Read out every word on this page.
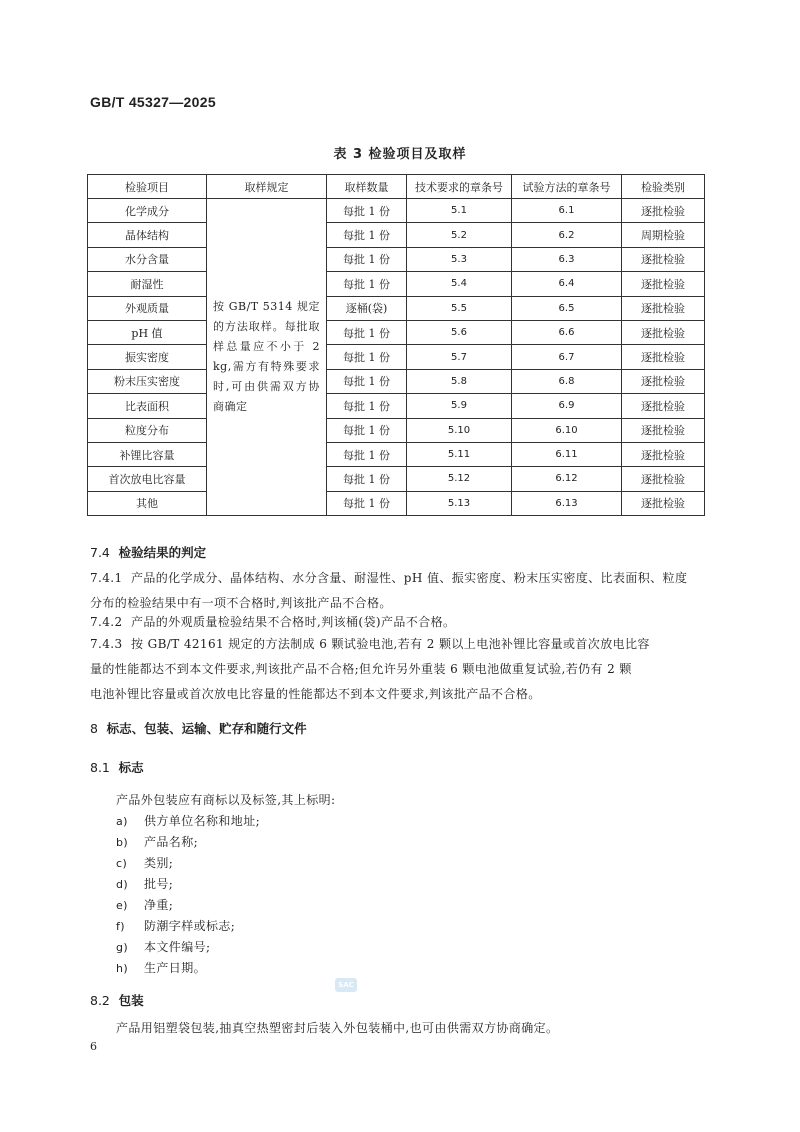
GB/T 45327—2025
表 3 检验项目及取样
检验项目	取样规定	取样数量	技术要求的章条号	试验方法的章条号	检验类别
化学成分	按 GB/T 5314 规定的方法取样。每批取样总量应不小于 2 kg,需方有特殊要求时,可由供需双方协商确定	每批 1 份	5.1	6.1	逐批检验
晶体结构		每批 1 份	5.2	6.2	周期检验
水分含量		每批 1 份	5.3	6.3	逐批检验
耐湿性		每批 1 份	5.4	6.4	逐批检验
外观质量		逐桶(袋)	5.5	6.5	逐批检验
pH 值		每批 1 份	5.6	6.6	逐批检验
振实密度		每批 1 份	5.7	6.7	逐批检验
粉末压实密度		每批 1 份	5.8	6.8	逐批检验
比表面积		每批 1 份	5.9	6.9	逐批检验
粒度分布		每批 1 份	5.10	6.10	逐批检验
补锂比容量		每批 1 份	5.11	6.11	逐批检验
首次放电比容量		每批 1 份	5.12	6.12	逐批检验
其他		每批 1 份	5.13	6.13	逐批检验
7.4 检验结果的判定
7.4.1 产品的化学成分、晶体结构、水分含量、耐湿性、pH 值、振实密度、粉末压实密度、比表面积、粒度
分布的检验结果中有一项不合格时,判该批产品不合格。
7.4.2 产品的外观质量检验结果不合格时,判该桶(袋)产品不合格。
7.4.3 按 GB/T 42161 规定的方法制成 6 颗试验电池,若有 2 颗以上电池补锂比容量或首次放电比容
量的性能都达不到本文件要求,判该批产品不合格;但允许另外重装 6 颗电池做重复试验,若仍有 2 颗
电池补锂比容量或首次放电比容量的性能都达不到本文件要求,判该批产品不合格。
8 标志、包装、运输、贮存和随行文件
8.1 标志
产品外包装应有商标以及标签,其上标明:
a) 供方单位名称和地址;
b) 产品名称;
c) 类别;
d) 批号;
e) 净重;
f) 防潮字样或标志;
g) 本文件编号;
h) 生产日期。
SAC
8.2 包装
产品用铝塑袋包装,抽真空热塑密封后装入外包装桶中,也可由供需双方协商确定。
6
